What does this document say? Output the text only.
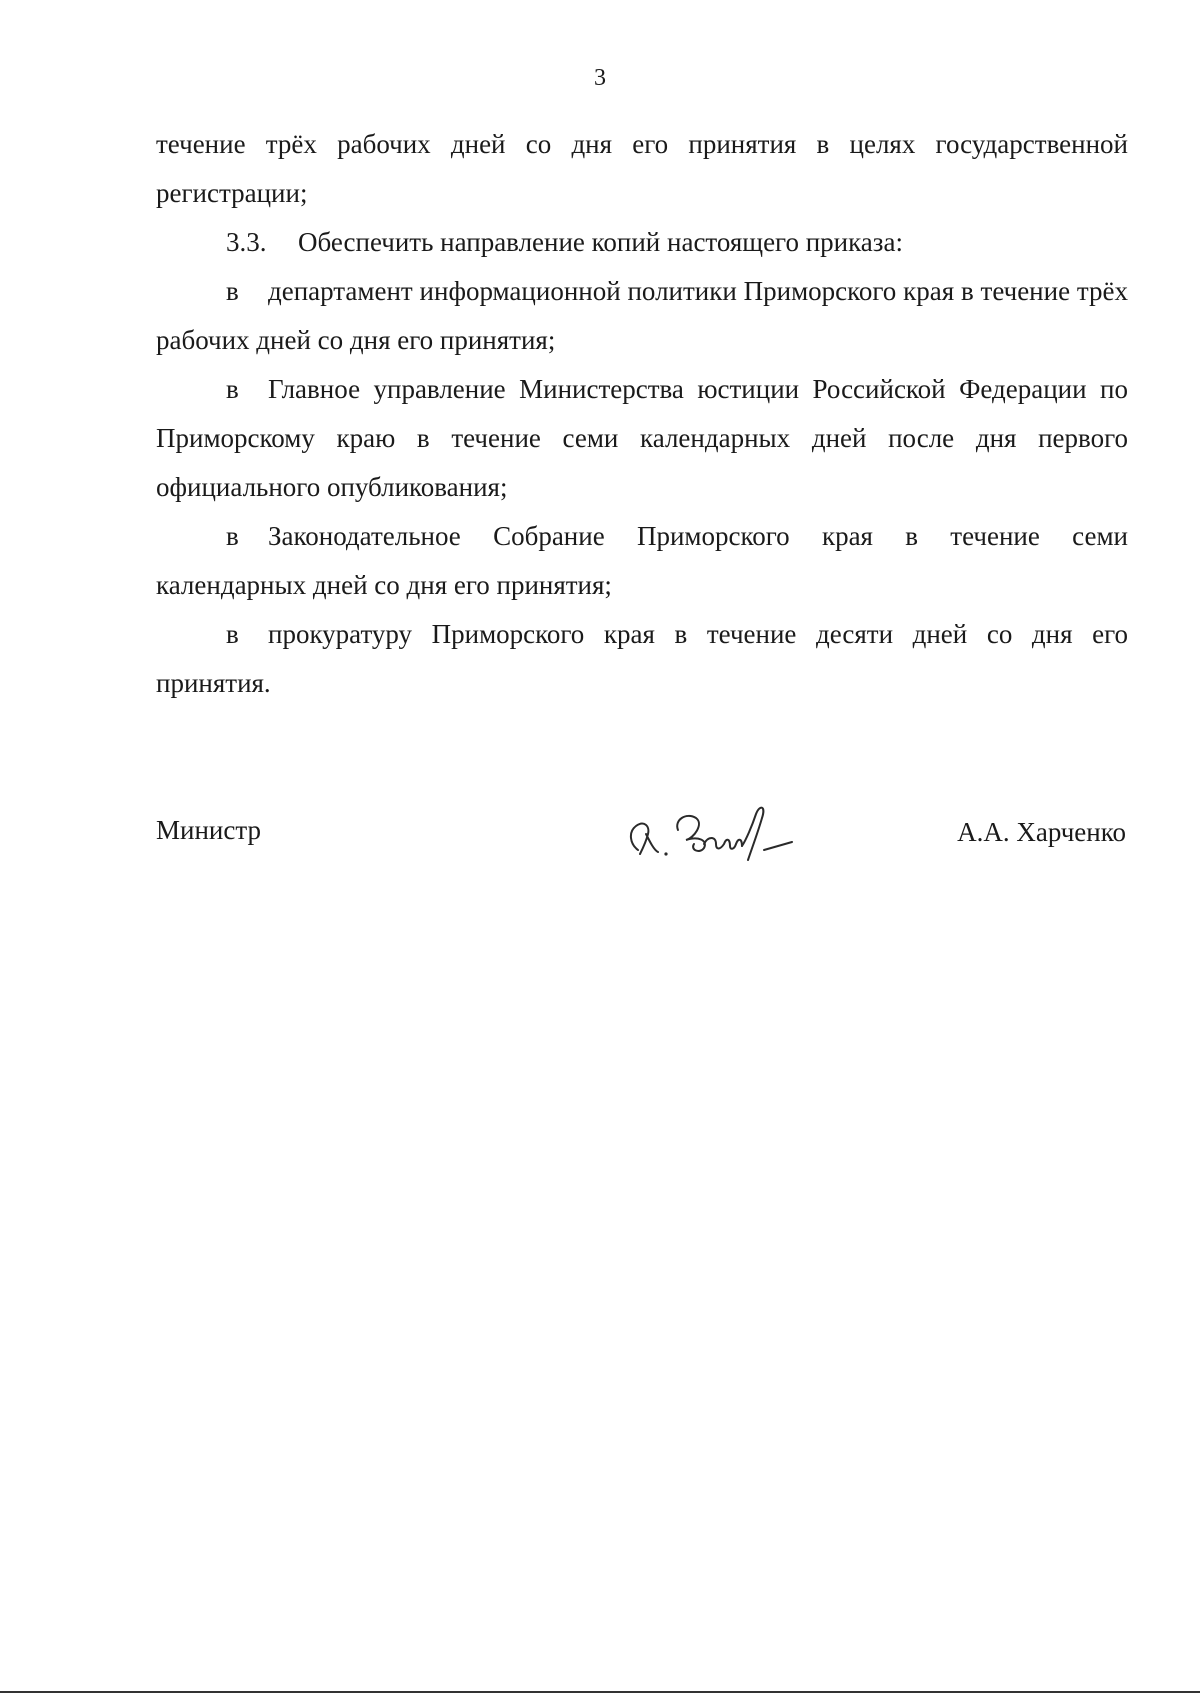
3

течение трёх рабочих дней со дня его принятия в целях государственной регистрации;

3.3. Обеспечить направление копий настоящего приказа:

в департамент информационной политики Приморского края в течение трёх рабочих дней со дня его принятия;

в Главное управление Министерства юстиции Российской Федерации по Приморскому краю в течение семи календарных дней после дня первого официального опубликования;

в Законодательное Собрание Приморского края в течение семи календарных дней со дня его принятия;

в прокуратуру Приморского края в течение десяти дней со дня его принятия.

Министр	А.А. Харченко
